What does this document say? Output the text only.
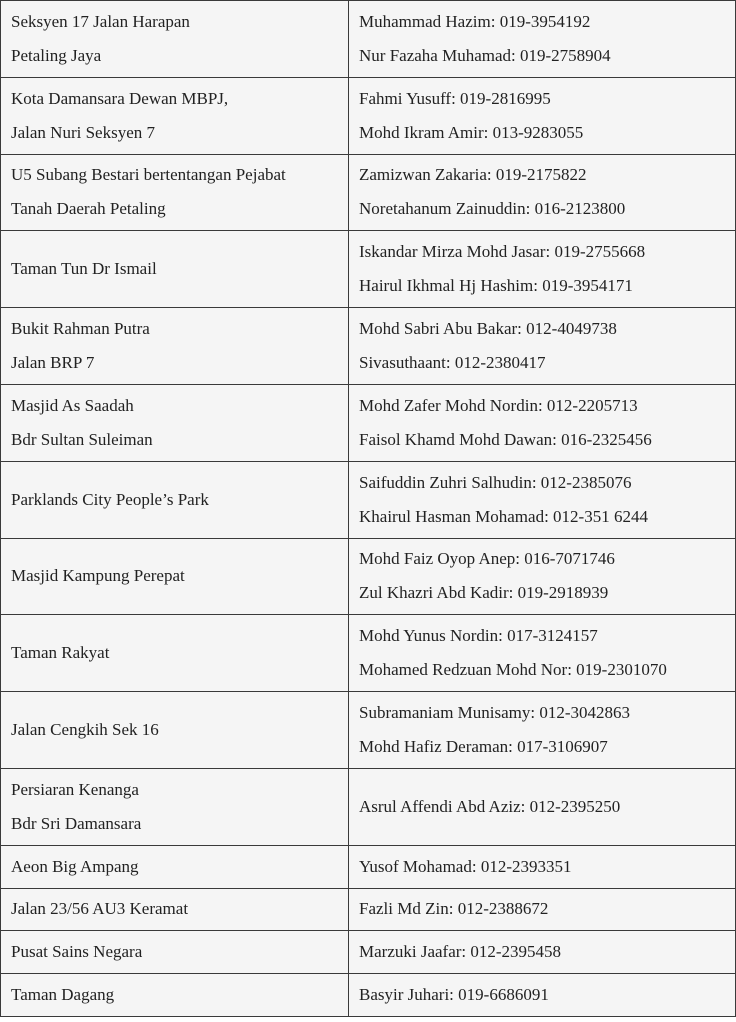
Seksyen 17 Jalan Harapan
Petaling Jaya	Muhammad Hazim: 019-3954192
Nur Fazaha Muhamad: 019-2758904

Kota Damansara Dewan MBPJ,
Jalan Nuri Seksyen 7	Fahmi Yusuff: 019-2816995
Mohd Ikram Amir: 013-9283055

U5 Subang Bestari bertentangan Pejabat
Tanah Daerah Petaling	Zamizwan Zakaria: 019-2175822
Noretahanum Zainuddin: 016-2123800

Taman Tun Dr Ismail	Iskandar Mirza Mohd Jasar: 019-2755668
Hairul Ikhmal Hj Hashim: 019-3954171

Bukit Rahman Putra
Jalan BRP 7	Mohd Sabri Abu Bakar: 012-4049738
Sivasuthaant: 012-2380417

Masjid As Saadah
Bdr Sultan Suleiman	Mohd Zafer Mohd Nordin: 012-2205713
Faisol Khamd Mohd Dawan: 016-2325456

Parklands City People’s Park	Saifuddin Zuhri Salhudin: 012-2385076
Khairul Hasman Mohamad: 012-351 6244

Masjid Kampung Perepat	Mohd Faiz Oyop Anep: 016-7071746
Zul Khazri Abd Kadir: 019-2918939

Taman Rakyat	Mohd Yunus Nordin: 017-3124157
Mohamed Redzuan Mohd Nor: 019-2301070

Jalan Cengkih Sek 16	Subramaniam Munisamy: 012-3042863
Mohd Hafiz Deraman: 017-3106907

Persiaran Kenanga
Bdr Sri Damansara	Asrul Affendi Abd Aziz: 012-2395250

Aeon Big Ampang	Yusof Mohamad: 012-2393351

Jalan 23/56 AU3 Keramat	Fazli Md Zin: 012-2388672

Pusat Sains Negara	Marzuki Jaafar: 012-2395458

Taman Dagang	Basyir Juhari: 019-6686091
